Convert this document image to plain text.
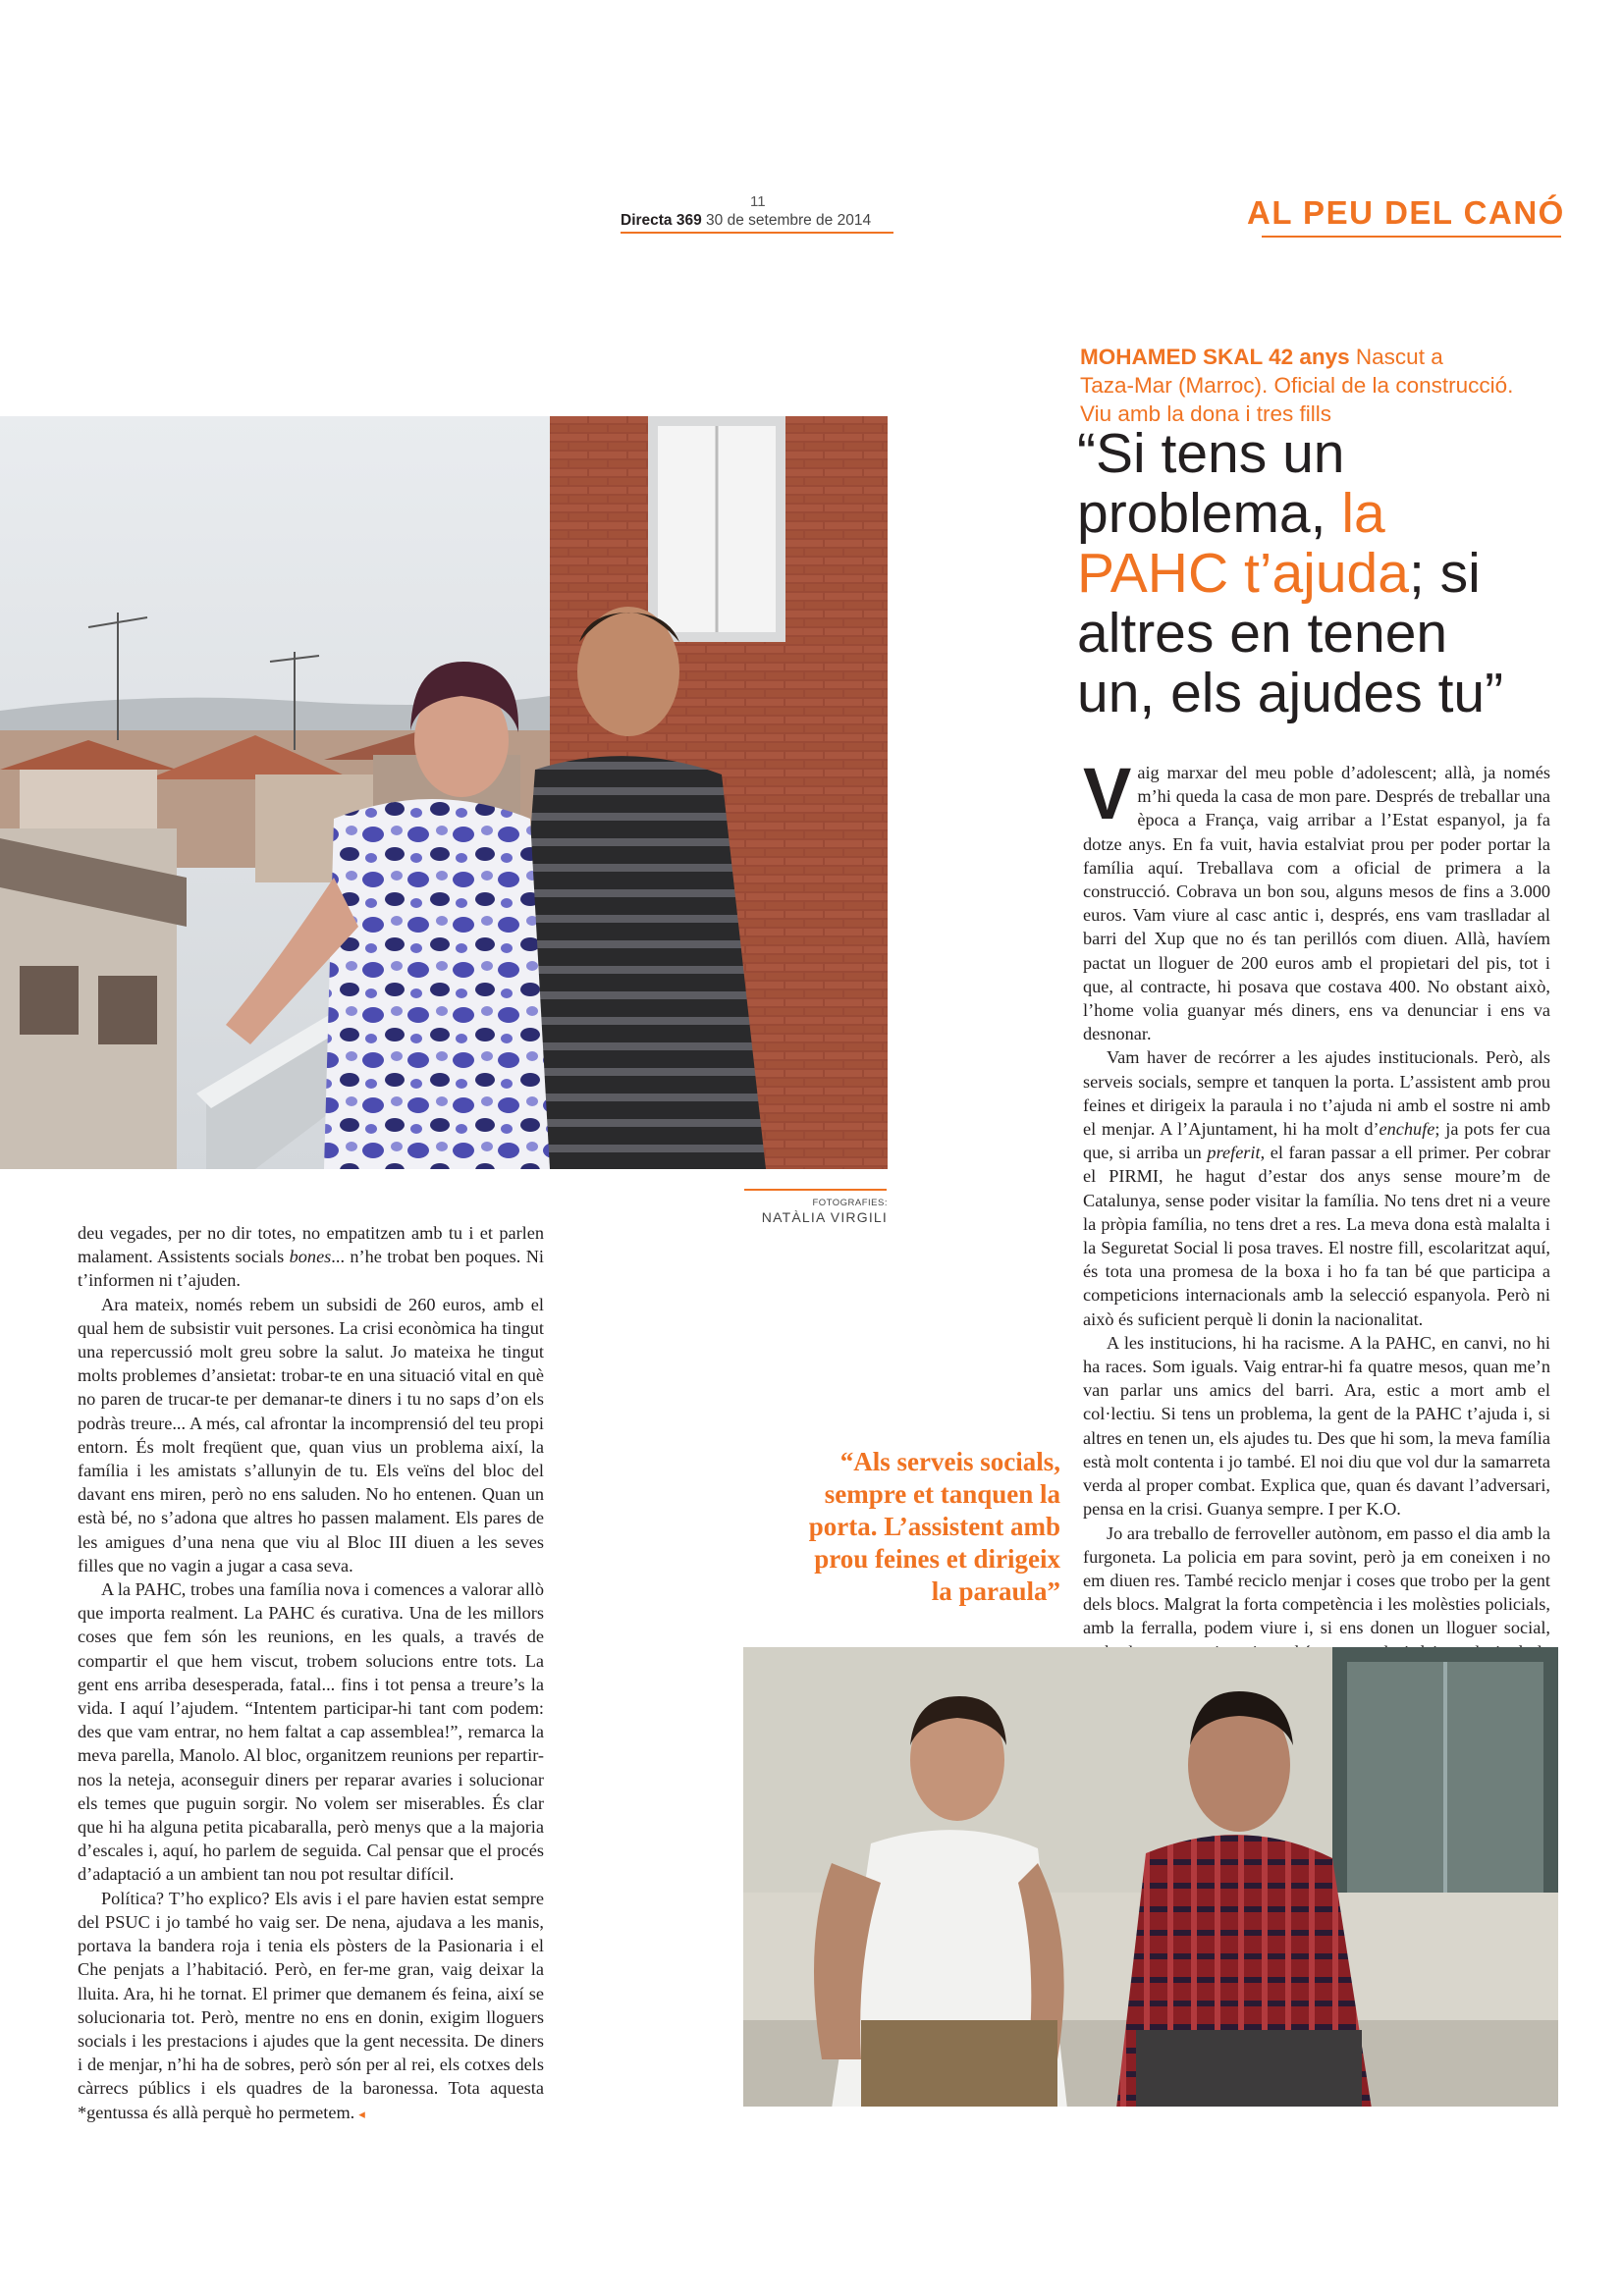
11
Directa 369 30 de setembre de 2014	AL PEU DEL CANÓ
MOHAMED SKAL 42 anys Nascut a
Taza-Mar (Marroc). Oficial de la construcció.
Viu amb la dona i tres fills
“Si tens un
problema, la
PAHC t’ajuda; si
altres en tenen
un, els ajudes tu”
FOTOGRAFIES:
NATÀLIA VIRGILI

deu vegades, per no dir totes, no empatitzen amb tu i et parlen malament. Assistents socials bones... n’he trobat ben poques. Ni t’informen ni t’ajuden.

Ara mateix, només rebem un subsidi de 260 euros, amb el qual hem de subsistir vuit persones. La crisi econòmica ha tingut una repercussió molt greu sobre la salut. Jo mateixa he tingut molts problemes d’ansietat: trobar-te en una situació vital en què no paren de trucar-te per demanar-te diners i tu no saps d’on els podràs treure... A més, cal afrontar la incomprensió del teu propi entorn. És molt freqüent que, quan vius un problema així, la família i les amistats s’allunyin de tu. Els veïns del bloc del davant ens miren, però no ens saluden. No ho entenen. Quan un està bé, no s’adona que altres ho passen malament. Els pares de les amigues d’una nena que viu al Bloc III diuen a les seves filles que no vagin a jugar a casa seva.

A la PAHC, trobes una família nova i comences a valorar allò que importa realment. La PAHC és curativa. Una de les millors coses que fem són les reunions, en les quals, a través de compartir el que hem viscut, trobem solucions entre tots. La gent ens arriba desesperada, fatal... fins i tot pensa a treure’s la vida. I aquí l’ajudem. “Intentem participar-hi tant com podem: des que vam entrar, no hem faltat a cap assemblea!”, remarca la meva parella, Manolo. Al bloc, organitzem reunions per repartir-nos la neteja, aconseguir diners per reparar avaries i solucionar els temes que puguin sorgir. No volem ser miserables. És clar que hi ha alguna petita picabaralla, però menys que a la majoria d’escales i, aquí, ho parlem de seguida. Cal pensar que el procés d’adaptació a un ambient tan nou pot resultar difícil.

Política? T’ho explico? Els avis i el pare havien estat sempre del PSUC i jo també ho vaig ser. De nena, ajudava a les manis, portava la bandera roja i tenia els pòsters de la Pasionaria i el Che penjats a l’habitació. Però, en fer-me gran, vaig deixar la lluita. Ara, hi he tornat. El primer que demanem és feina, així se solucionaria tot. Però, mentre no ens en donin, exigim lloguers socials i les prestacions i ajudes que la gent necessita. De diners i de menjar, n’hi ha de sobres, però són per al rei, els cotxes dels càrrecs públics i els quadres de la baronessa. Tota aquesta *gentussa és allà perquè ho permetem. ◂

“Als serveis socials,
sempre et tanquen la
porta. L’assistent amb
prou feines et dirigeix
la paraula”

Vaig marxar del meu poble d’adolescent; allà, ja només m’hi queda la casa de mon pare. Després de treballar una època a França, vaig arribar a l’Estat espanyol, ja fa dotze anys. En fa vuit, havia estalviat prou per poder portar la família aquí. Treballava com a oficial de primera a la construcció. Cobrava un bon sou, alguns mesos de fins a 3.000 euros. Vam viure al casc antic i, després, ens vam traslladar al barri del Xup que no és tan perillós com diuen. Allà, havíem pactat un lloguer de 200 euros amb el propietari del pis, tot i que, al contracte, hi posava que costava 400. No obstant això, l’home volia guanyar més diners, ens va denunciar i ens va desnonar.

Vam haver de recórrer a les ajudes institucionals. Però, als serveis socials, sempre et tanquen la porta. L’assistent amb prou feines et dirigeix la paraula i no t’ajuda ni amb el sostre ni amb el menjar. A l’Ajuntament, hi ha molt d’enchufe; ja pots fer cua que, si arriba un preferit, el faran passar a ell primer. Per cobrar el PIRMI, he hagut d’estar dos anys sense moure’m de Catalunya, sense poder visitar la família. No tens dret ni a veure la pròpia família, no tens dret a res. La meva dona està malalta i la Seguretat Social li posa traves. El nostre fill, escolaritzat aquí, és tota una promesa de la boxa i ho fa tan bé que participa a competicions internacionals amb la selecció espanyola. Però ni això és suficient perquè li donin la nacionalitat.

A les institucions, hi ha racisme. A la PAHC, en canvi, no hi ha races. Som iguals. Vaig entrar-hi fa quatre mesos, quan me’n van parlar uns amics del barri. Ara, estic a mort amb el col·lectiu. Si tens un problema, la gent de la PAHC t’ajuda i, si altres en tenen un, els ajudes tu. Des que hi som, la meva família està molt contenta i jo també. El noi diu que vol dur la samarreta verda al proper combat. Explica que, quan és davant l’adversari, pensa en la crisi. Guanya sempre. I per K.O.

Jo ara treballo de ferroveller autònom, em passo el dia amb la furgoneta. La policia em para sovint, però ja em coneixen i no em diuen res. També reciclo menjar i coses que trobo per la gent dels blocs. Malgrat la forta competència i les molèsties policials, amb la ferralla, podem viure i, si ens donen un lloguer social,
